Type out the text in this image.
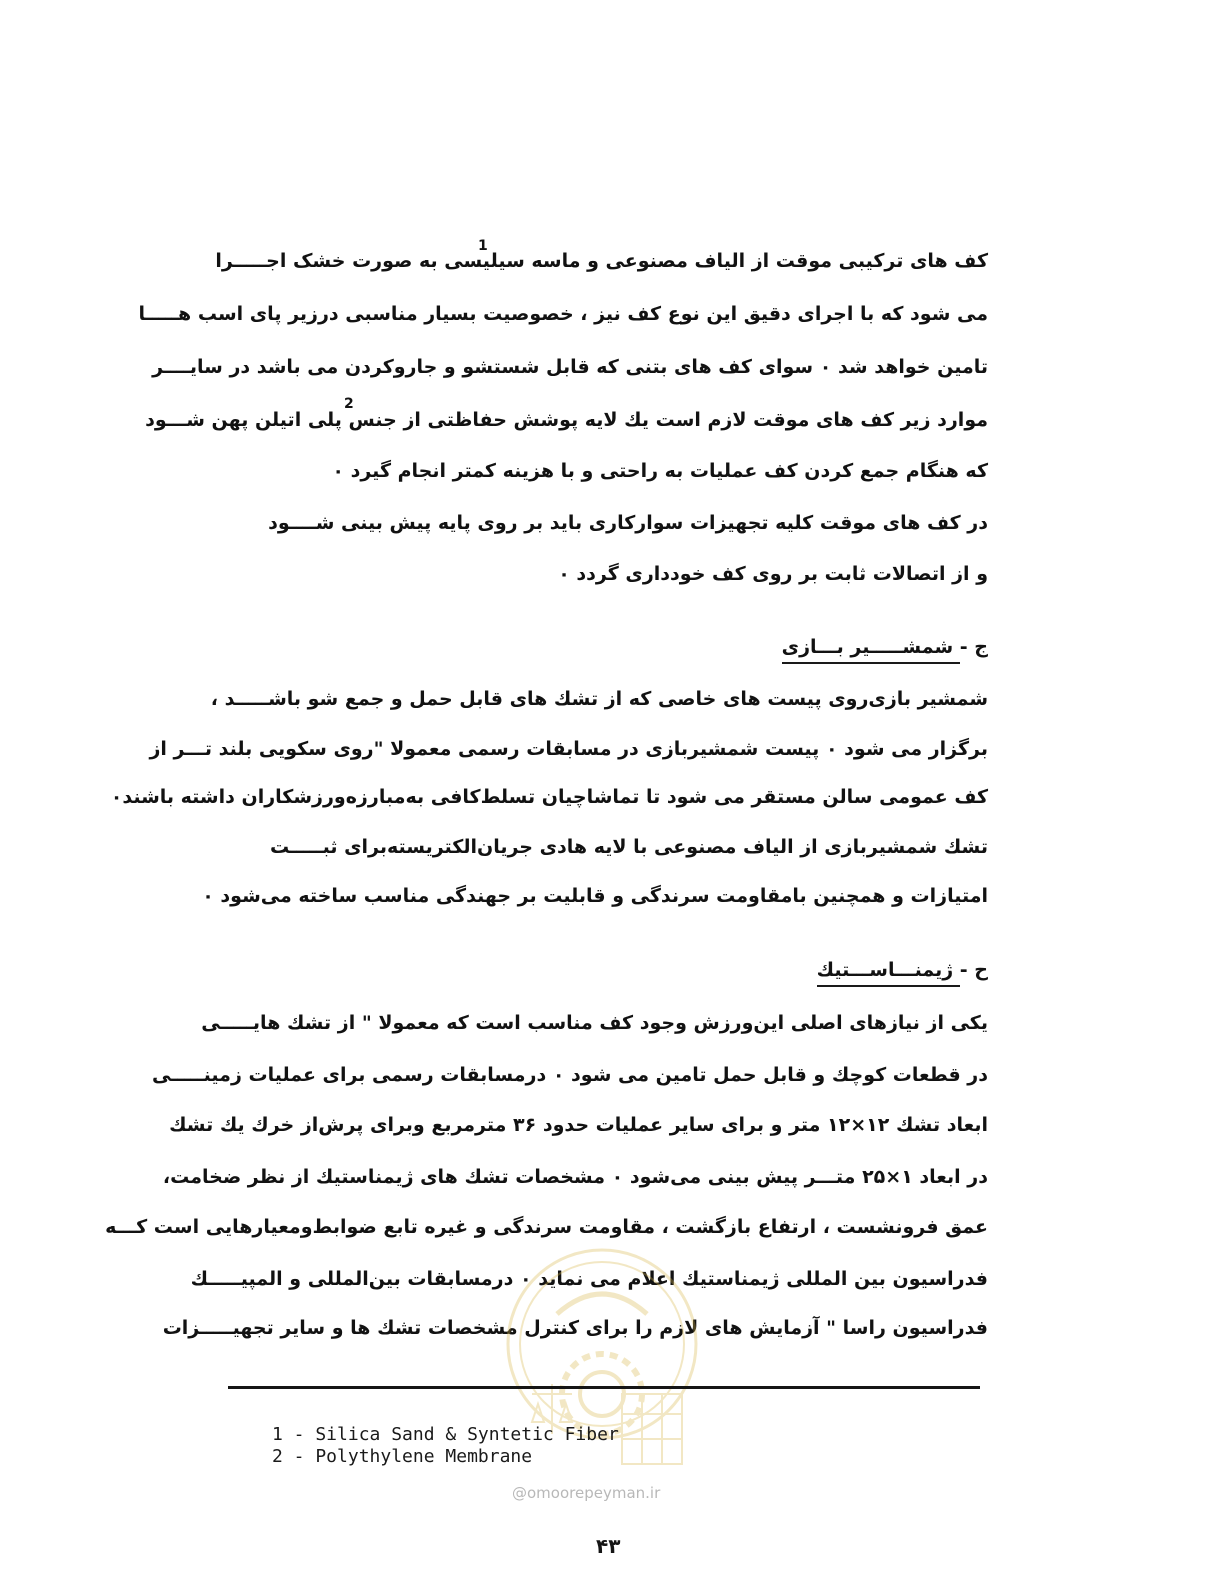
کف های ترکیبی موقت از الیاف مصنوعی و ماسه سیلیسی به صورت خشک اجـــــرا
1
می شود که با اجرای دقیق این نوع کف نیز ، خصوصیت بسیار مناسبی درزیر پای اسب هـــــا
تامین خواهد شد ۰ سوای کف های بتنی که قابل شستشو و جاروکردن می باشد در سایــــر
موارد زیر کف های موقت لازم است یك لایه پوشش حفاظتی از جنس پلی اتیلن پهن شـــود
2
که هنگام جمع کردن کف عملیات به راحتی و با هزینه کمتر انجام گیرد ۰
در کف های موقت کلیه تجهیزات سوارکاری باید بر روی پایه پیش بینی شــــود
و از اتصالات ثابت بر روی کف خودداری گردد ۰
ج - شمشـــــیر بـــازی
شمشیر بازی‌روی پیست های خاصی که از تشك های قابل حمل و جمع شو باشـــــد ،
برگزار می شود ۰ پیست شمشیربازی در مسابقات رسمی معمولا "روی سکویی بلند تـــر از
کف عمومی سالن مستقر می شود تا تماشاچیان تسلط‌کافی به‌مبارزه‌ورزشکاران داشته باشند۰
تشك شمشیربازی از الیاف مصنوعی با لایه هادی جریان‌الکتریسته‌برای ثبـــــت
امتیازات و همچنین بامقاومت سرندگی و قابلیت بر جهندگی مناسب ساخته می‌شود ۰
ح - ژیمنـــاســـتیك
یکی از نیازهای اصلی این‌ورزش وجود کف مناسب است که معمولا " از تشك هایـــــی
در قطعات کوچك و قابل حمل تامین می شود ۰ درمسابقات رسمی برای عملیات زمینـــــی
ابعاد تشك ۱۲×۱۲ متر و برای سایر عملیات حدود ۳۶ مترمربع وبرای پرش‌از خرك یك تشك
در ابعاد ۱×۲۵ متـــر پیش بینی می‌شود ۰ مشخصات تشك های ژیمناستیك از نظر ضخامت،
عمق فرونشست ، ارتفاع بازگشت ، مقاومت سرندگی و غیره تابع ضوابط‌ومعیارهایی است کـــه
فدراسیون بین المللی ژیمناستیك اعلام می نماید ۰ درمسابقات بین‌المللی و المپیـــــك
فدراسیون راسا " آزمایش های لازم را برای کنترل مشخصات تشك ها و سایر تجهیـــــزات
@omoorepeyman.ir
1 - Silica Sand & Syntetic Fiber
2 - Polythylene Membrane
۴۳
